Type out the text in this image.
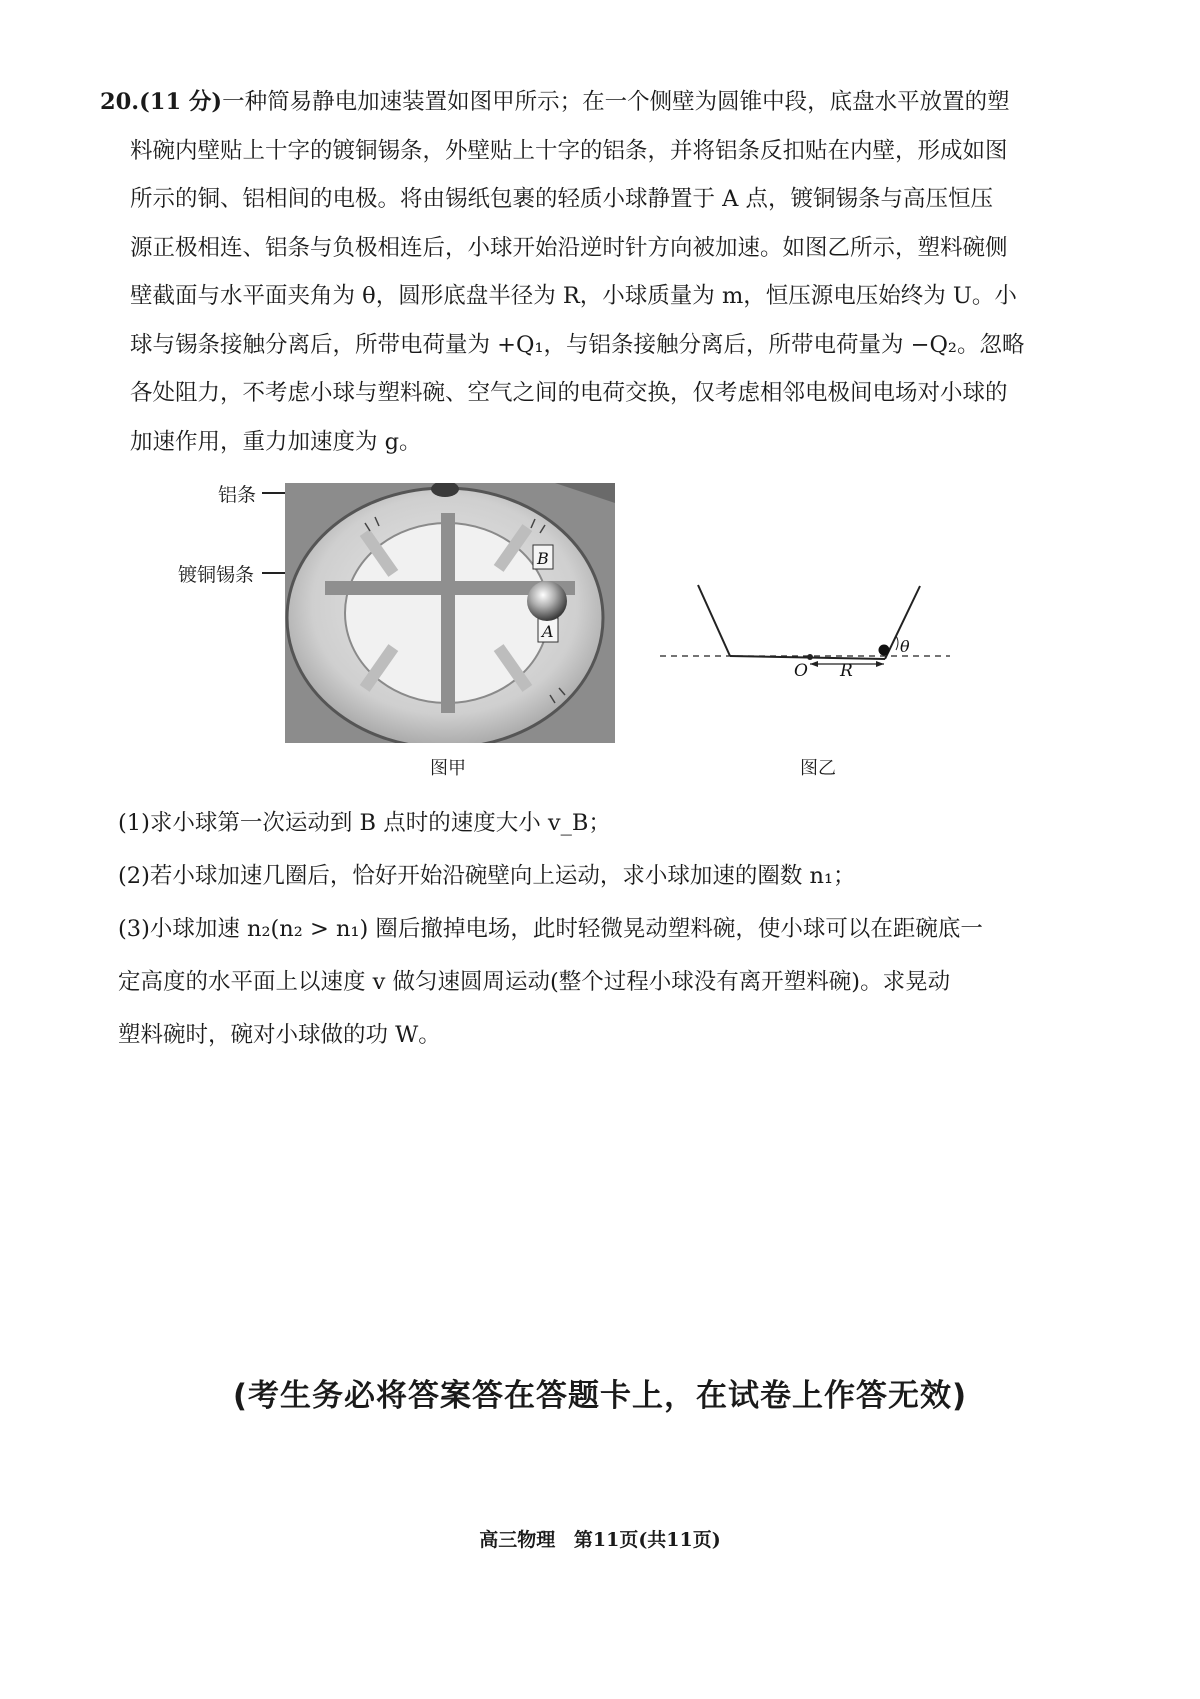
20.(11 分)一种简易静电加速装置如图甲所示；在一个侧壁为圆锥中段，底盘水平放置的塑
料碗内壁贴上十字的镀铜锡条，外壁贴上十字的铝条，并将铝条反扣贴在内壁，形成如图
所示的铜、铝相间的电极。将由锡纸包裹的轻质小球静置于 A 点，镀铜锡条与高压恒压
源正极相连、铝条与负极相连后，小球开始沿逆时针方向被加速。如图乙所示，塑料碗侧
壁截面与水平面夹角为 θ，圆形底盘半径为 R，小球质量为 m，恒压源电压始终为 U。小
球与锡条接触分离后，所带电荷量为 +Q₁，与铝条接触分离后，所带电荷量为 −Q₂。忽略
各处阻力，不考虑小球与塑料碗、空气之间的电荷交换，仅考虑相邻电极间电场对小球的
加速作用，重力加速度为 g。
铝条
镀铜锡条
B
A
图甲
O R
θ
图乙
(1)求小球第一次运动到 B 点时的速度大小 v_B；
(2)若小球加速几圈后，恰好开始沿碗壁向上运动，求小球加速的圈数 n₁；
(3)小球加速 n₂(n₂ > n₁) 圈后撤掉电场，此时轻微晃动塑料碗，使小球可以在距碗底一
定高度的水平面上以速度 v 做匀速圆周运动(整个过程小球没有离开塑料碗)。求晃动
塑料碗时，碗对小球做的功 W。
(考生务必将答案答在答题卡上，在试卷上作答无效)
高三物理 第11页(共11页)
